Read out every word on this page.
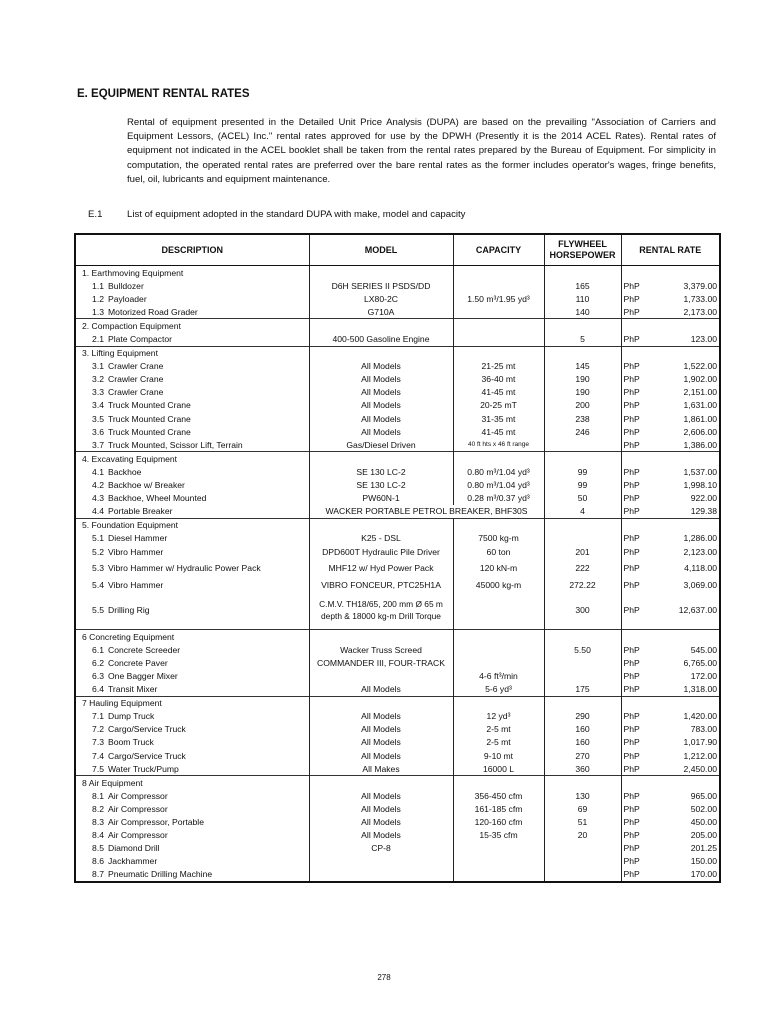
E. EQUIPMENT RENTAL RATES

Rental of equipment presented in the Detailed Unit Price Analysis (DUPA) are based on the prevailing "Association of Carriers and Equipment Lessors, (ACEL) Inc." rental rates approved for use by the DPWH (Presently it is the 2014 ACEL Rates). Rental rates of equipment not indicated in the ACEL booklet shall be taken from the rental rates prepared by the Bureau of Equipment. For simplicity in computation, the operated rental rates are preferred over the bare rental rates as the former includes operator's wages, fringe benefits, fuel, oil, lubricants and equipment maintenance.

E.1	List of equipment adopted in the standard DUPA with make, model and capacity
DESCRIPTION	MODEL	CAPACITY	FLYWHEEL HORSEPOWER	RENTAL RATE
1. Earthmoving Equipment				
1.1 Bulldozer	D6H SERIES II PSDS/DD		165	PhP 3,379.00

1.2 Payloader	LX80-2C	1.50 m³/1.95 yd³	110	PhP 1,733.00

1.3 Motorized Road Grader	G710A		140	PhP 2,173.00

2. Compaction Equipment				
2.1 Plate Compactor	400-500 Gasoline Engine		5	PhP 123.00

3. Lifting Equipment				
3.1 Crawler Crane	All Models	21-25 mt	145	PhP 1,522.00

3.2 Crawler Crane	All Models	36-40 mt	190	PhP 1,902.00

3.3 Crawler Crane	All Models	41-45 mt	190	PhP 2,151.00

3.4 Truck Mounted Crane	All Models	20-25 mT	200	PhP 1,631.00

3.5 Truck Mounted Crane	All Models	31-35 mt	238	PhP 1,861.00

3.6 Truck Mounted Crane	All Models	41-45 mt	246	PhP 2,606.00

3.7 Truck Mounted, Scissor Lift, Terrain	Gas/Diesel Driven	40 ft hts x 46 ft range		PhP 1,386.00

4. Excavating Equipment				
4.1 Backhoe	SE 130 LC-2	0.80 m³/1.04 yd³	99	PhP 1,537.00

4.2 Backhoe w/ Breaker	SE 130 LC-2	0.80 m³/1.04 yd³	99	PhP 1,998.10

4.3 Backhoe, Wheel Mounted	PW60N-1	0.28 m³/0.37 yd³	50	PhP 922.00

4.4 Portable Breaker	WACKER PORTABLE PETROL BREAKER, BHF30S		4	PhP 129.38

5. Foundation Equipment				
5.1 Diesel Hammer	K25 - DSL	7500 kg-m		PhP 1,286.00

5.2 Vibro Hammer	DPD600T Hydraulic Pile Driver	60 ton	201	PhP 2,123.00

5.3 Vibro Hammer w/ Hydraulic Power Pack	MHF12 w/ Hyd Power Pack	120 kN-m	222	PhP 4,118.00

5.4 Vibro Hammer	VIBRO FONCEUR, PTC25H1A	45000 kg-m	272.22	PhP 3,069.00

5.5 Drilling Rig	C.M.V. TH18/65, 200 mm Ø 65 m depth & 18000 kg-m Drill Torque		300	PhP 12,637.00

6 Concreting Equipment				
6.1 Concrete Screeder	Wacker Truss Screed		5.50	PhP 545.00

6.2 Concrete Paver	COMMANDER III, FOUR-TRACK			PhP 6,765.00

6.3 One Bagger Mixer		4-6 ft³/min		PhP 172.00

6.4 Transit Mixer	All Models	5-6 yd³	175	PhP 1,318.00

7 Hauling Equipment				
7.1 Dump Truck	All Models	12 yd³	290	PhP 1,420.00

7.2 Cargo/Service Truck	All Models	2-5 mt	160	PhP 783.00

7.3 Boom Truck	All Models	2-5 mt	160	PhP 1,017.90

7.4 Cargo/Service Truck	All Models	9-10 mt	270	PhP 1,212.00

7.5 Water Truck/Pump	All Makes	16000 L	360	PhP 2,450.00

8 Air Equipment				
8.1 Air Compressor	All Models	356-450 cfm	130	PhP 965.00

8.2 Air Compressor	All Models	161-185 cfm	69	PhP 502.00

8.3 Air Compressor, Portable	All Models	120-160 cfm	51	PhP 450.00

8.4 Air Compressor	All Models	15-35 cfm	20	PhP 205.00

8.5 Diamond Drill	CP-8			PhP 201.25

8.6 Jackhammer				PhP 150.00

8.7 Pneumatic Drilling Machine				PhP 170.00
278
